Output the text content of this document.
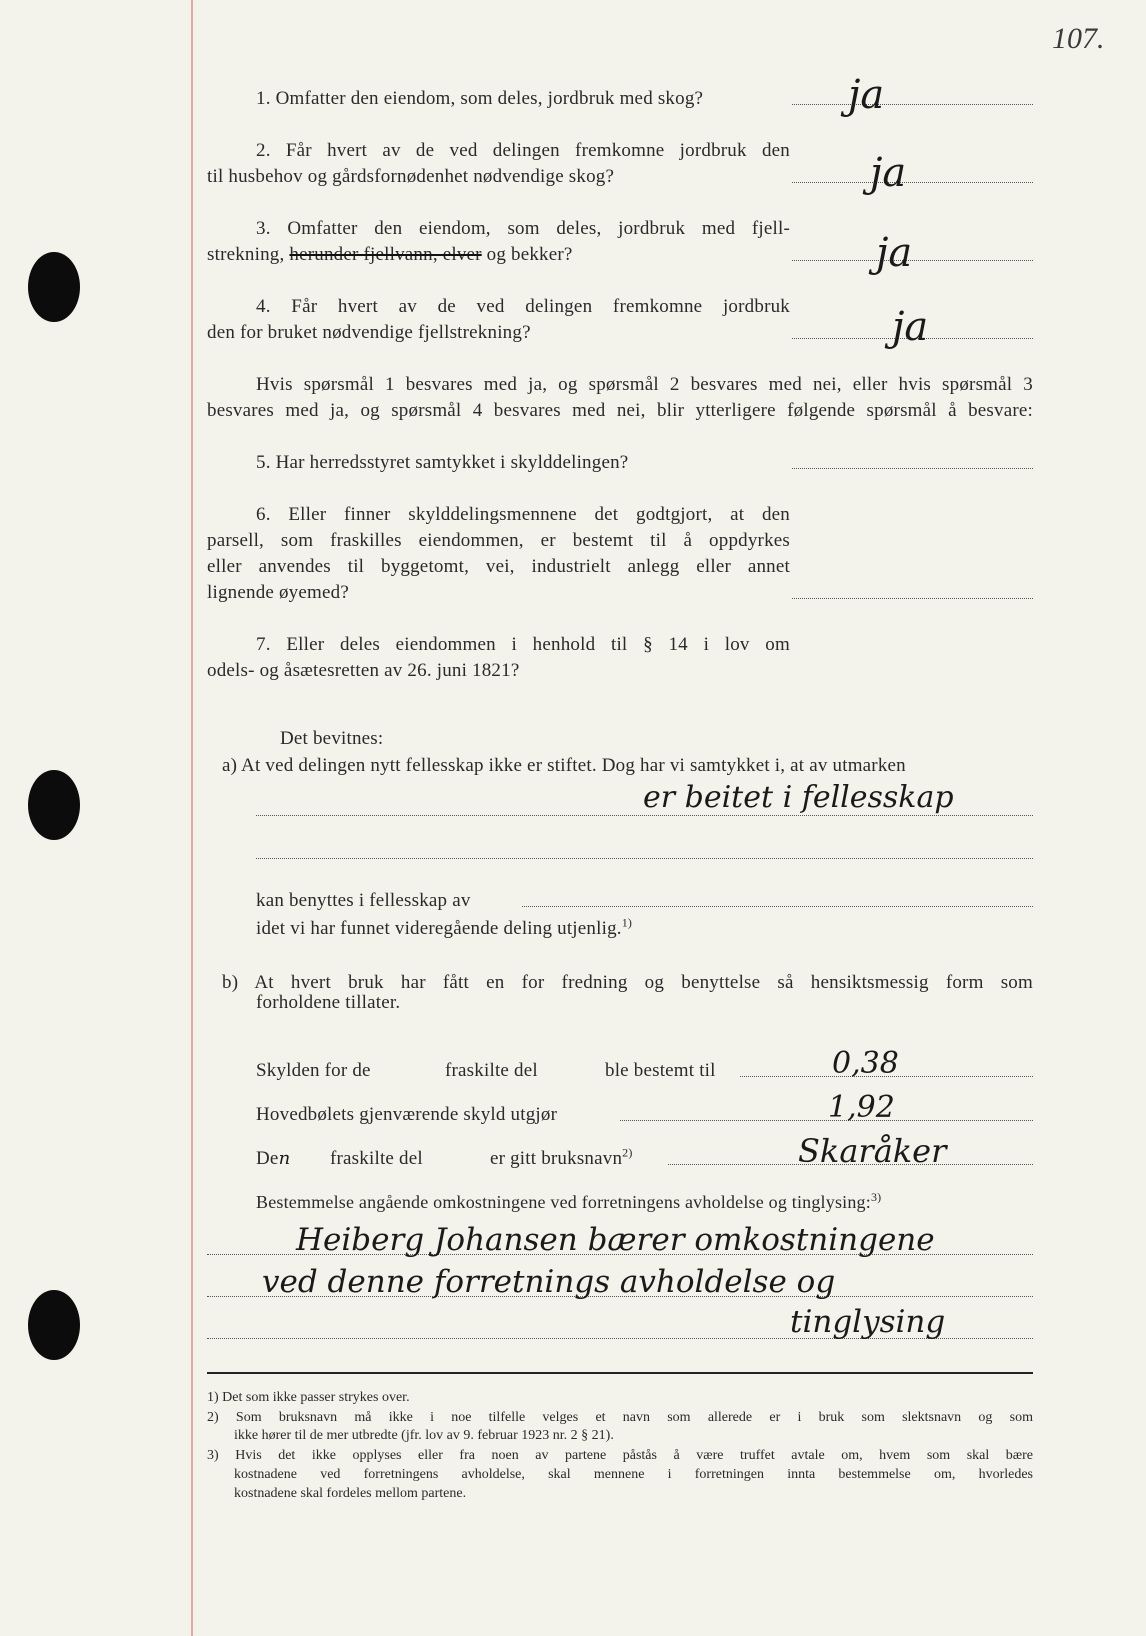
107.
1. Omfatter den eiendom, som deles, jordbruk med skog?	ja
2. Får hvert av de ved delingen fremkomne jordbruk den
til husbehov og gårdsfornødenhet nødvendige skog?	ja
3. Omfatter den eiendom, som deles, jordbruk med fjell-
strekning, herunder fjellvann, elver og bekker?	ja
4. Får hvert av de ved delingen fremkomne jordbruk
den for bruket nødvendige fjellstrekning?	ja
Hvis spørsmål 1 besvares med ja, og spørsmål 2 besvares med nei, eller hvis spørsmål 3
besvares med ja, og spørsmål 4 besvares med nei, blir ytterligere følgende spørsmål å besvare:
5. Har herredsstyret samtykket i skylddelingen?
6. Eller finner skylddelingsmennene det godtgjort, at den
parsell, som fraskilles eiendommen, er bestemt til å oppdyrkes
eller anvendes til byggetomt, vei, industrielt anlegg eller annet
lignende øyemed?
7. Eller deles eiendommen i henhold til § 14 i lov om
odels- og åsætesretten av 26. juni 1821?
Det bevitnes:
a) At ved delingen nytt fellesskap ikke er stiftet. Dog har vi samtykket i, at av utmarken
er beitet i fellesskap
kan benyttes i fellesskap av
idet vi har funnet videregående deling utjenlig.$^{1)}$
b) At hvert bruk har fått en for fredning og benyttelse så hensiktsmessig form som
forholdene tillater.
Skylden for de	fraskilte del	ble bestemt til	0,38
Hovedbølets gjenværende skyld utgjør	1,92
Den fraskilte del	er gitt bruksnavn$^{2)}$	Skaråker
Bestemmelse angående omkostningene ved forretningens avholdelse og tinglysing:$^{3)}$
Heiberg Johansen bærer omkostningene
ved denne forretnings avholdelse og
tinglysing
1) Det som ikke passer strykes over.
2) Som bruksnavn må ikke i noe tilfelle velges et navn som allerede er i bruk som slektsnavn og som
ikke hører til de mer utbredte (jfr. lov av 9. februar 1923 nr. 2 § 21).
3) Hvis det ikke opplyses eller fra noen av partene påstås å være truffet avtale om, hvem som skal bære
kostnadene ved forretningens avholdelse, skal mennene i forretningen innta bestemmelse om, hvorledes
kostnadene skal fordeles mellom partene.
